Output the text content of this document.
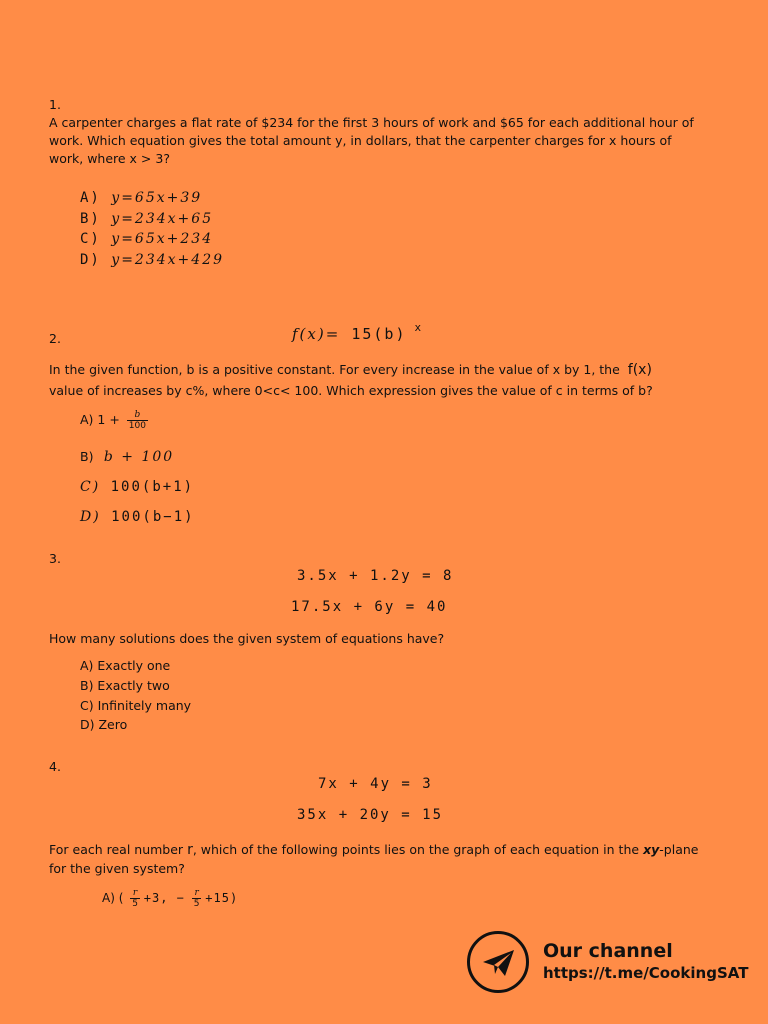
1.
A carpenter charges a flat rate of $234 for the first 3 hours of work and $65 for each additional hour of
work. Which equation gives the total amount y, in dollars, that the carpenter charges for x hours of
work, where x > 3?
A) y=65x+39
B) y=234x+65
C) y=65x+234
D) y=234x+429
2.	f(x)= 15(b) $^x$
In the given function, b is a positive constant. For every increase in the value of x by 1, the f(x)
value of increases by c%, where 0<c< 100. Which expression gives the value of c in terms of b?
A) $1 + \frac{b}{100}$
B) b + 100
C) 100(b+1)
D) 100(b−1)
3.
3.5x + 1.2y = 8
17.5x + 6y = 40
How many solutions does the given system of equations have?
A) Exactly one
B) Exactly two
C) Infinitely many
D) Zero
4.
7x + 4y = 3
35x + 20y = 15
For each real number r, which of the following points lies on the graph of each equation in the xy-plane
for the given system?
A) ( $\frac{r}{5} +3$, − $\frac{r}{5} +15$)
Our channel
https://t.me/CookingSAT
